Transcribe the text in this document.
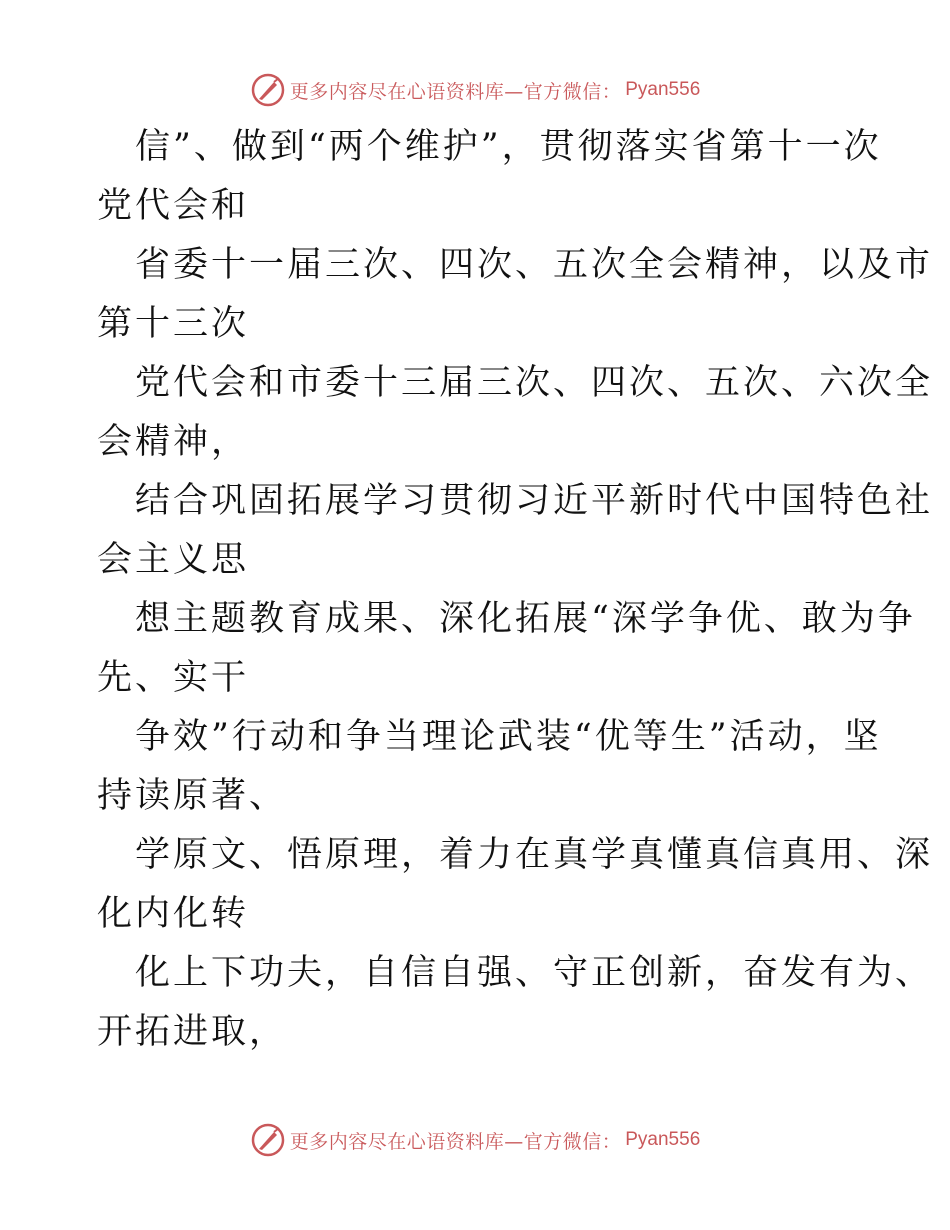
更多内容尽在心语资料库—官方微信： Pyan556
信”、做到“两个维护”，贯彻落实省第十一次
党代会和
省委十一届三次、四次、五次全会精神，以及市
第十三次
党代会和市委十三届三次、四次、五次、六次全
会精神，
结合巩固拓展学习贯彻习近平新时代中国特色社
会主义思
想主题教育成果、深化拓展“深学争优、敢为争
先、实干
争效”行动和争当理论武装“优等生”活动，坚
持读原著、
学原文、悟原理，着力在真学真懂真信真用、深
化内化转
化上下功夫，自信自强、守正创新，奋发有为、
开拓进取，
更多内容尽在心语资料库—官方微信： Pyan556
